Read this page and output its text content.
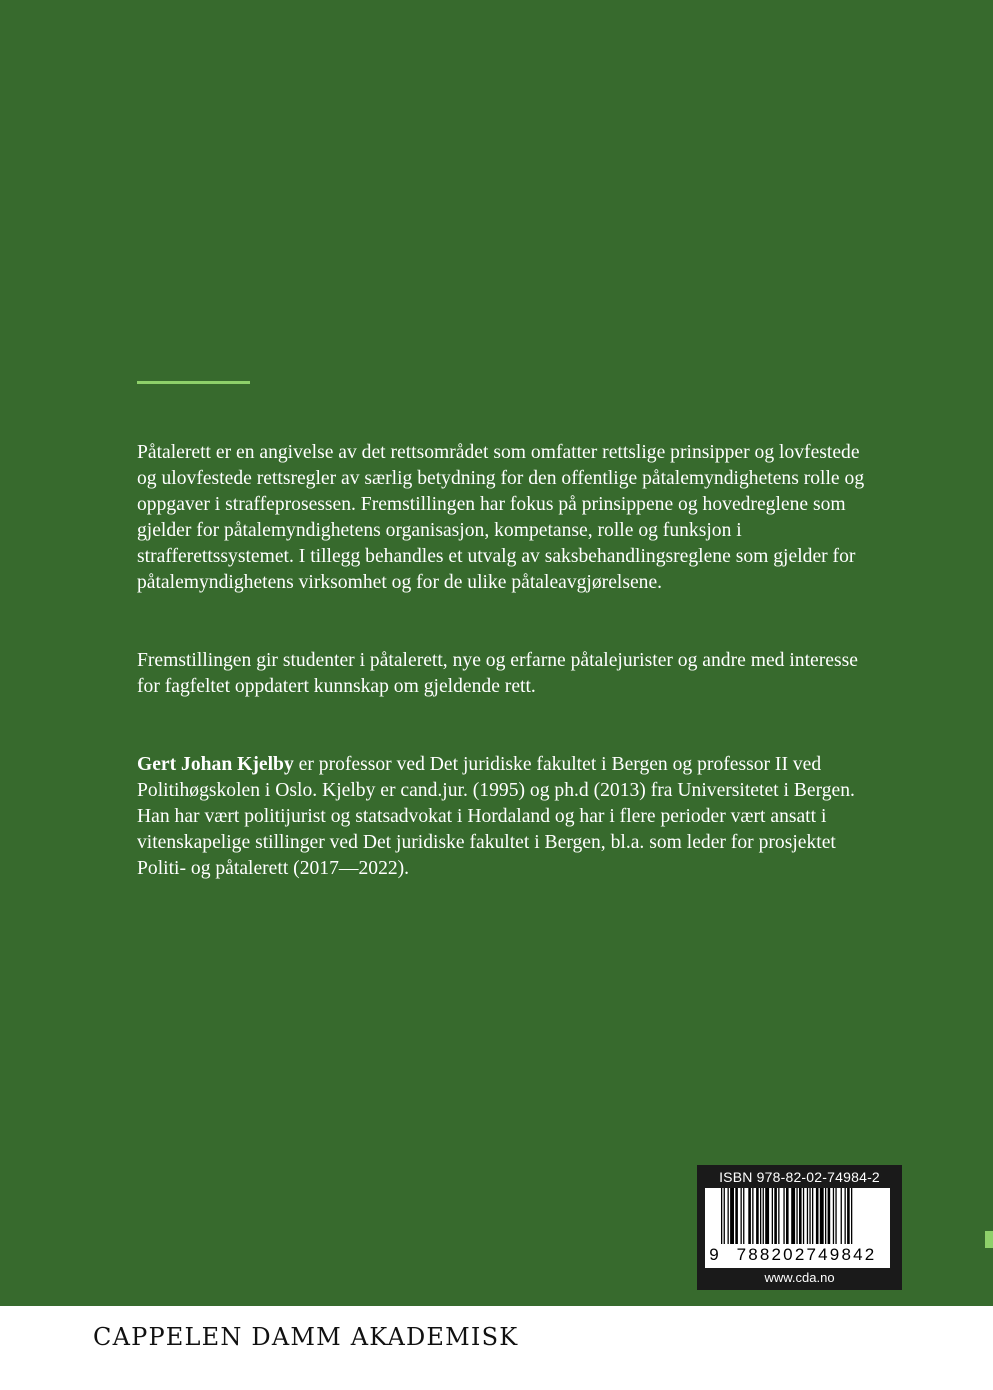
Påtalerett er en angivelse av det rettsområdet som omfatter rettslige prinsipper og lovfestede og ulovfestede rettsregler av særlig betydning for den offentlige påtalemyndighetens rolle og oppgaver i straffeprosessen. Fremstillingen har fokus på prinsippene og hovedreglene som gjelder for påtalemyndighetens organisasjon, kompetanse, rolle og funksjon i strafferettssystemet. I tillegg behandles et utvalg av saksbehandlingsreglene som gjelder for påtalemyndighetens virksomhet og for de ulike påtaleavgjørelsene.

Fremstillingen gir studenter i påtalerett, nye og erfarne påtalejurister og andre med interesse for fagfeltet oppdatert kunnskap om gjeldende rett.

Gert Johan Kjelby er professor ved Det juridiske fakultet i Bergen og professor II ved Politihøgskolen i Oslo. Kjelby er cand.jur. (1995) og ph.d (2013) fra Universitetet i Bergen. Han har vært politijurist og statsadvokat i Hordaland og har i flere perioder vært ansatt i vitenskapelige stillinger ved Det juridiske fakultet i Bergen, bl.a. som leder for prosjektet Politi- og påtalerett (2017—2022).

ISBN 978-82-02-74984-2
9	788202749842
www.cda.no
CAPPELEN DAMM AKADEMISK
